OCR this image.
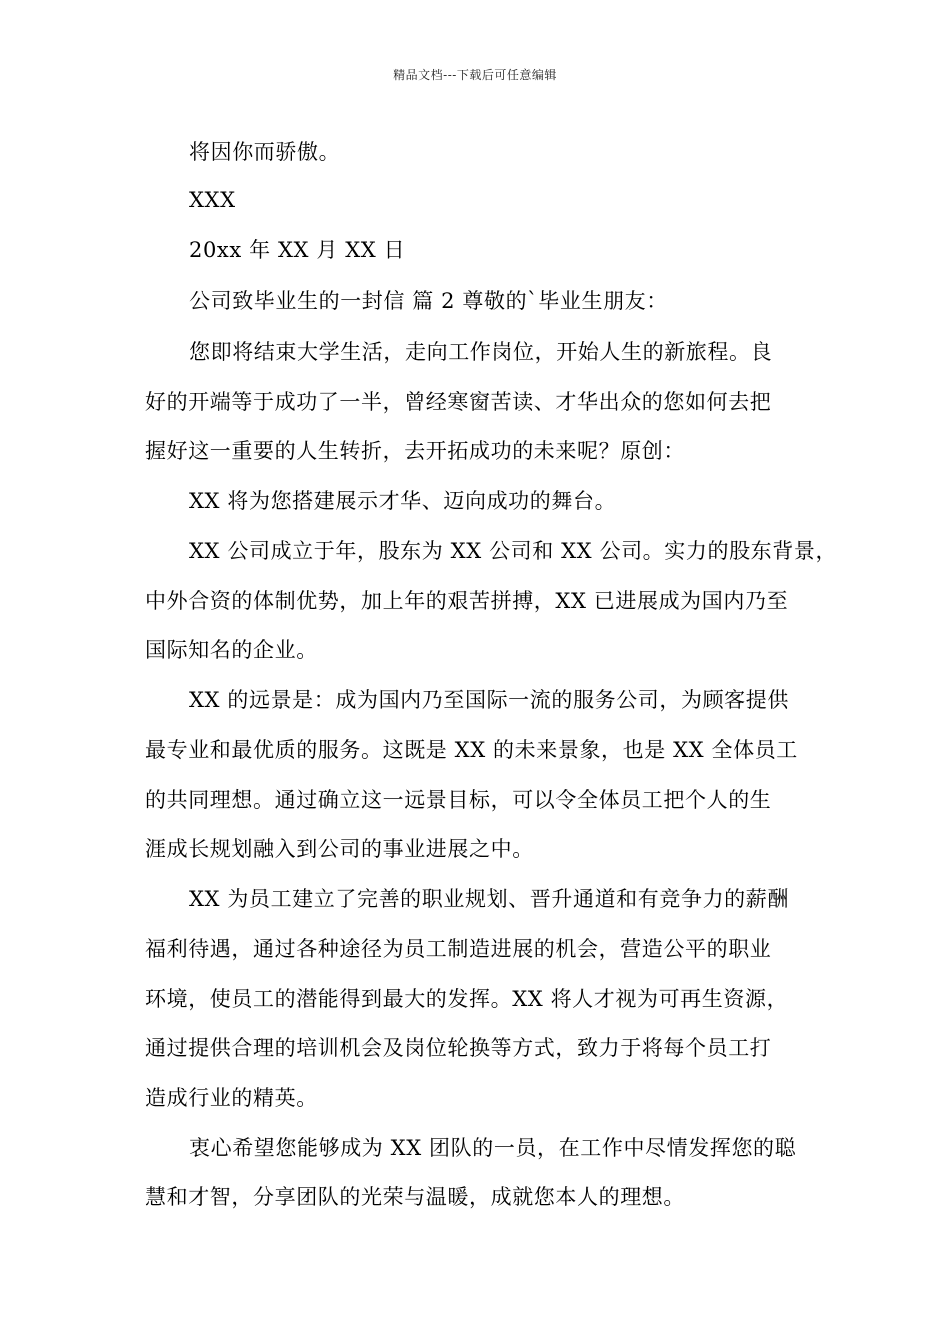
精品文档---下载后可任意编辑
将因你而骄傲。
XXX
20xx 年 XX 月 XX 日
公司致毕业生的一封信 篇 2 尊敬的`毕业生朋友：
您即将结束大学生活，走向工作岗位，开始人生的新旅程。良
好的开端等于成功了一半，曾经寒窗苦读、才华出众的您如何去把
握好这一重要的人生转折，去开拓成功的未来呢？原创：
XX 将为您搭建展示才华、迈向成功的舞台。
XX 公司成立于年，股东为 XX 公司和 XX 公司。实力的股东背景，
中外合资的体制优势，加上年的艰苦拼搏，XX 已进展成为国内乃至
国际知名的企业。
XX 的远景是：成为国内乃至国际一流的服务公司，为顾客提供
最专业和最优质的服务。这既是 XX 的未来景象，也是 XX 全体员工
的共同理想。通过确立这一远景目标，可以令全体员工把个人的生
涯成长规划融入到公司的事业进展之中。
XX 为员工建立了完善的职业规划、晋升通道和有竞争力的薪酬
福利待遇，通过各种途径为员工制造进展的机会，营造公平的职业
环境，使员工的潜能得到最大的发挥。XX 将人才视为可再生资源，
通过提供合理的培训机会及岗位轮换等方式，致力于将每个员工打
造成行业的精英。
衷心希望您能够成为 XX 团队的一员，在工作中尽情发挥您的聪
慧和才智，分享团队的光荣与温暖，成就您本人的理想。
